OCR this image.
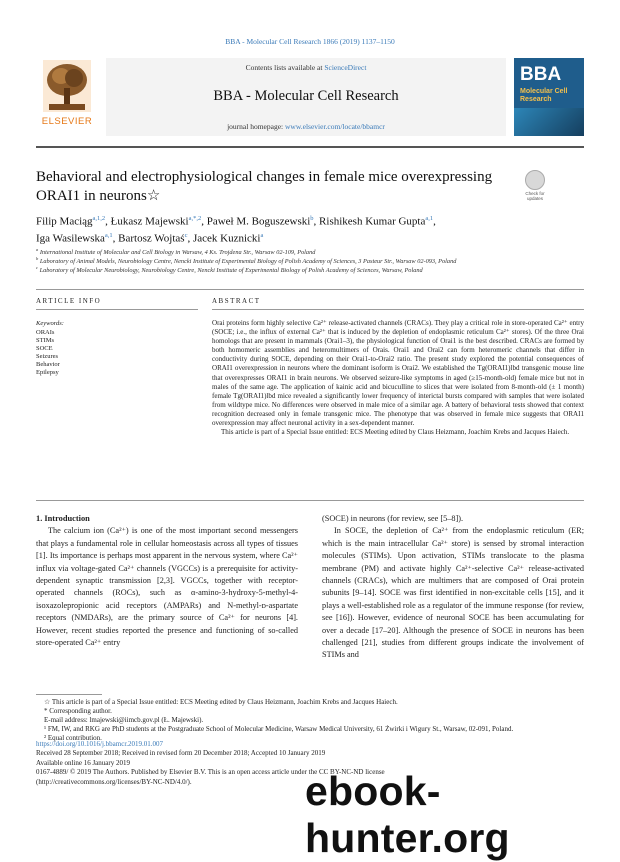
BBA - Molecular Cell Research 1866 (2019) 1137–1150
ELSEVIER
Contents lists available at ScienceDirect
BBA - Molecular Cell Research
journal homepage: www.elsevier.com/locate/bbamcr
BBA
Molecular Cell Research
Behavioral and electrophysiological changes in female mice overexpressing ORAI1 in neurons☆	Check for updates
Filip Maciąg$^{a,1,2}$, Łukasz Majewski$^{a,*,2}$, Paweł M. Boguszewski$^b$, Rishikesh Kumar Gupta$^{a,1}$,
Iga Wasilewska$^{a,1}$, Bartosz Wojtaś$^c$, Jacek Kuznicki$^a$
$^a$ International Institute of Molecular and Cell Biology in Warsaw, 4 Ks. Trojdena Str., Warsaw 02-109, Poland
$^b$ Laboratory of Animal Models, Neurobiology Centre, Nencki Institute of Experimental Biology of Polish Academy of Sciences, 3 Pasteur Str., Warsaw 02-093, Poland
$^c$ Laboratory of Molecular Neurobiology, Neurobiology Centre, Nencki Institute of Experimental Biology of Polish Academy of Sciences, Warsaw, Poland
ARTICLE INFO	ABSTRACT
Keywords:
ORAIs
STIMs
SOCE
Seizures
Behavior
Epilepsy

Orai proteins form highly selective Ca²⁺ release-activated channels (CRACs). They play a critical role in store-operated Ca²⁺ entry (SOCE; i.e., the influx of external Ca²⁺ that is induced by the depletion of endoplasmic reticulum Ca²⁺ stores). Of the three Orai homologs that are present in mammals (Orai1–3), the physiological function of Orai1 is the best described. CRACs are formed by both homomeric assemblies and heteromultimers of Orais. Orai1 and Orai2 can form heteromeric channels that differ in conductivity during SOCE, depending on their Orai1-to-Orai2 ratio. The present study explored the potential consequences of ORAI1 overexpression in neurons where the dominant isoform is Orai2. We established the Tg(ORAI1)lbd transgenic mouse line that overexpresses ORAI1 in brain neurons. We observed seizure-like symptoms in aged (≥15-month-old) female mice but not in males of the same age. The application of kainic acid and bicuculline to slices that were isolated from 8-month-old (± 1 month) female Tg(ORAI1)lbd mice revealed a significantly lower frequency of interictal bursts compared with samples that were isolated from wildtype mice. No differences were observed in male mice of a similar age. A battery of behavioral tests showed that context recognition decreased only in female transgenic mice. The phenotype that was observed in female mice suggests that ORAI1 overexpression may affect neuronal activity in a sex-dependent manner.

This article is part of a Special Issue entitled: ECS Meeting edited by Claus Heizmann, Joachim Krebs and Jacques Haiech.

1. Introduction

The calcium ion (Ca²⁺) is one of the most important second messengers that plays a fundamental role in cellular homeostasis across all types of tissues [1]. Its importance is perhaps most apparent in the nervous system, where Ca²⁺ influx via voltage-gated Ca²⁺ channels (VGCCs) is a prerequisite for activity-dependent synaptic transmission [2,3]. VGCCs, together with receptor-operated channels (ROCs), such as α-amino-3-hydroxy-5-methyl-4-isoxazolepropionic acid receptors (AMPARs) and N-methyl-ᴅ-aspartate receptors (NMDARs), are the primary source of Ca²⁺ for neurons [4]. However, recent studies reported the presence and functioning of so-called store-operated Ca²⁺ entry

(SOCE) in neurons (for review, see [5–8]).

In SOCE, the depletion of Ca²⁺ from the endoplasmic reticulum (ER; which is the main intracellular Ca²⁺ store) is sensed by stromal interaction molecules (STIMs). Upon activation, STIMs translocate to the plasma membrane (PM) and activate highly Ca²⁺-selective Ca²⁺ release-activated channels (CRACs), which are multimers that are composed of Orai protein subunits [9–14]. SOCE was first identified in non-excitable cells [15], and it plays a well-established role as a regulator of the immune response (for review, see [16]). However, evidence of neuronal SOCE has been accumulating for over a decade [17–20]. Although the presence of SOCE in neurons has been challenged [21], studies from different groups indicate the involvement of STIMs and

☆ This article is part of a Special Issue entitled: ECS Meeting edited by Claus Heizmann, Joachim Krebs and Jacques Haiech.

* Corresponding author.

E-mail address: lmajewski@iimcb.gov.pl (Ł. Majewski).

¹ FM, IW, and RKG are PhD students at the Postgraduate School of Molecular Medicine, Warsaw Medical University, 61 Żwirki i Wigury St., Warsaw, 02-091, Poland.

² Equal contribution.

https://doi.org/10.1016/j.bbamcr.2019.01.007
Received 28 September 2018; Received in revised form 20 December 2018; Accepted 10 January 2019
Available online 16 January 2019
0167-4889/ © 2019 The Authors. Published by Elsevier B.V. This is an open access article under the CC BY-NC-ND license
(http://creativecommons.org/licenses/BY-NC-ND/4.0/).	ebook-hunter.org
